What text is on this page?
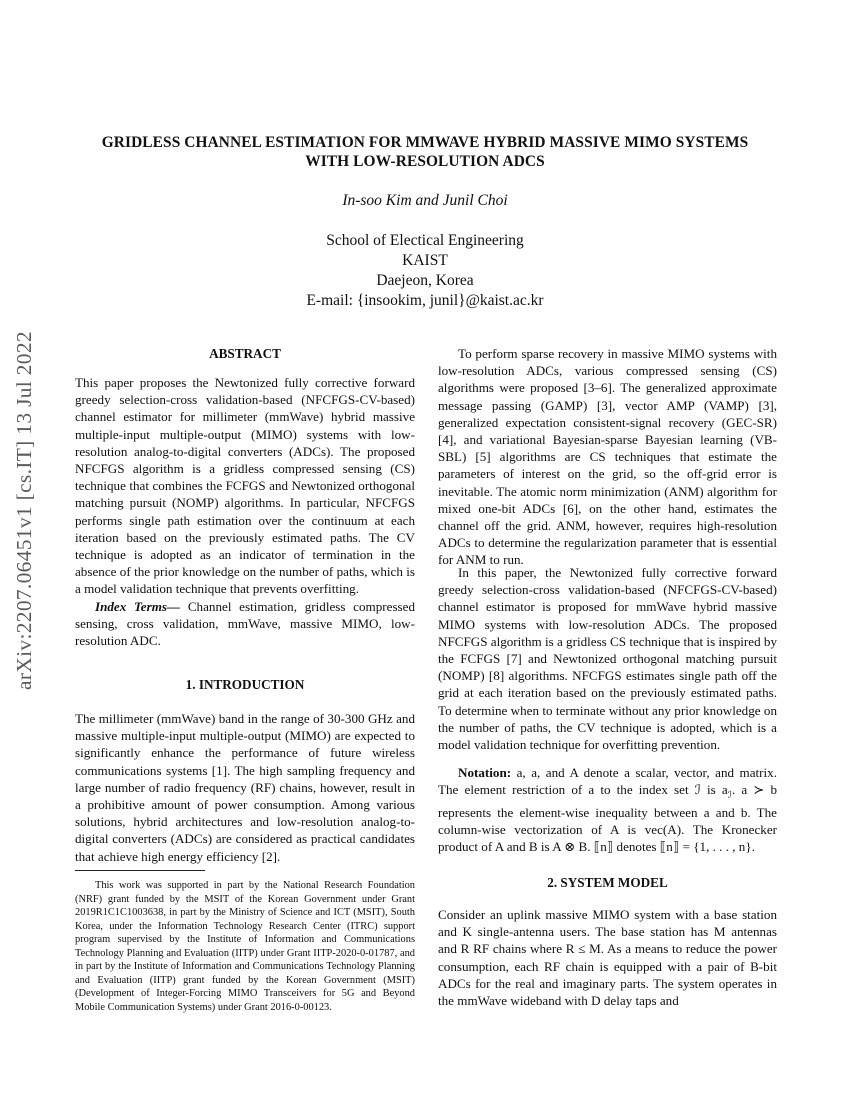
arXiv:2207.06451v1 [cs.IT] 13 Jul 2022
GRIDLESS CHANNEL ESTIMATION FOR MMWAVE HYBRID MASSIVE MIMO SYSTEMS
WITH LOW-RESOLUTION ADCS
In-soo Kim and Junil Choi
School of Electical Engineering
KAIST
Daejeon, Korea
E-mail: {insookim, junil}@kaist.ac.kr
ABSTRACT

This paper proposes the Newtonized fully corrective forward greedy selection-cross validation-based (NFCFGS-CV-based) channel estimator for millimeter (mmWave) hybrid massive multiple-input multiple-output (MIMO) systems with low-resolution analog-to-digital converters (ADCs). The proposed NFCFGS algorithm is a gridless compressed sensing (CS) technique that combines the FCFGS and Newtonized orthogonal matching pursuit (NOMP) algorithms. In particular, NFCFGS performs single path estimation over the continuum at each iteration based on the previously estimated paths. The CV technique is adopted as an indicator of termination in the absence of the prior knowledge on the number of paths, which is a model validation technique that prevents overfitting.

Index Terms— Channel estimation, gridless compressed sensing, cross validation, mmWave, massive MIMO, low-resolution ADC.

1. INTRODUCTION

The millimeter (mmWave) band in the range of 30-300 GHz and massive multiple-input multiple-output (MIMO) are expected to significantly enhance the performance of future wireless communications systems [1]. The high sampling frequency and large number of radio frequency (RF) chains, however, result in a prohibitive amount of power consumption. Among various solutions, hybrid architectures and low-resolution analog-to-digital converters (ADCs) are considered as practical candidates that achieve high energy efficiency [2].

This work was supported in part by the National Research Foundation (NRF) grant funded by the MSIT of the Korean Government under Grant 2019R1C1C1003638, in part by the Ministry of Science and ICT (MSIT), South Korea, under the Information Technology Research Center (ITRC) support program supervised by the Institute of Information and Communications Technology Planning and Evaluation (IITP) under Grant IITP-2020-0-01787, and in part by the Institute of Information and Communications Technology Planning and Evaluation (IITP) grant funded by the Korean Government (MSIT) (Development of Integer-Forcing MIMO Transceivers for 5G and Beyond Mobile Communication Systems) under Grant 2016-0-00123.

To perform sparse recovery in massive MIMO systems with low-resolution ADCs, various compressed sensing (CS) algorithms were proposed [3–6]. The generalized approximate message passing (GAMP) [3], vector AMP (VAMP) [3], generalized expectation consistent-signal recovery (GEC-SR) [4], and variational Bayesian-sparse Bayesian learning (VB-SBL) [5] algorithms are CS techniques that estimate the parameters of interest on the grid, so the off-grid error is inevitable. The atomic norm minimization (ANM) algorithm for mixed one-bit ADCs [6], on the other hand, estimates the channel off the grid. ANM, however, requires high-resolution ADCs to determine the regularization parameter that is essential for ANM to run.

In this paper, the Newtonized fully corrective forward greedy selection-cross validation-based (NFCFGS-CV-based) channel estimator is proposed for mmWave hybrid massive MIMO systems with low-resolution ADCs. The proposed NFCFGS algorithm is a gridless CS technique that is inspired by the FCFGS [7] and Newtonized orthogonal matching pursuit (NOMP) [8] algorithms. NFCFGS estimates single path off the grid at each iteration based on the previously estimated paths. To determine when to terminate without any prior knowledge on the number of paths, the CV technique is adopted, which is a model validation technique for overfitting prevention.

Notation: a, a, and A denote a scalar, vector, and matrix. The element restriction of a to the index set ℐ is $a_ℐ$. a ≻ b represents the element-wise inequality between a and b. The column-wise vectorization of A is vec(A). The Kronecker product of A and B is A ⊗ B. ⟦n⟧ denotes ⟦n⟧ = {1, . . . , n}.

2. SYSTEM MODEL

Consider an uplink massive MIMO system with a base station and K single-antenna users. The base station has M antennas and R RF chains where R ≤ M. As a means to reduce the power consumption, each RF chain is equipped with a pair of B-bit ADCs for the real and imaginary parts. The system operates in the mmWave wideband with D delay taps and
